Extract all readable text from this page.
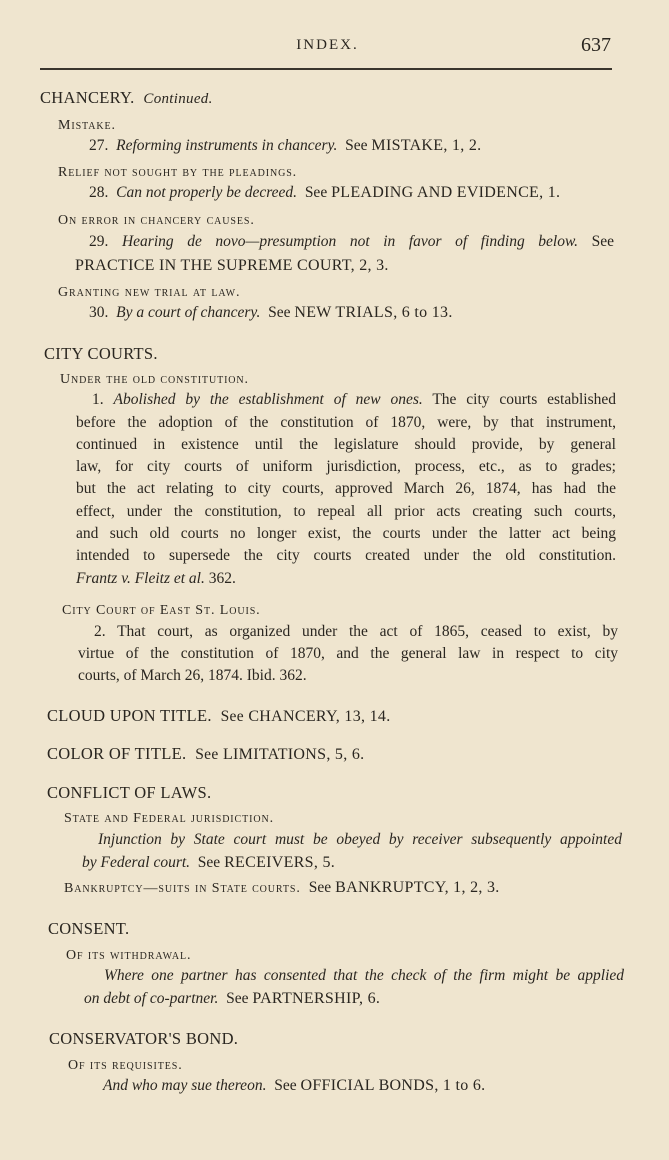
INDEX.	637
CHANCERY. Continued.
Mistake.
27. Reforming instruments in chancery. See MISTAKE, 1, 2.
Relief not sought by the pleadings.
28. Can not properly be decreed. See PLEADING AND EVIDENCE, 1.
On error in chancery causes.
29. Hearing de novo—presumption not in favor of finding below. See
PRACTICE IN THE SUPREME COURT, 2, 3.
Granting new trial at law.
30. By a court of chancery. See NEW TRIALS, 6 to 13.
CITY COURTS.
Under the old constitution.
1. Abolished by the establishment of new ones. The city courts established
before the adoption of the constitution of 1870, were, by that instrument,
continued in existence until the legislature should provide, by general
law, for city courts of uniform jurisdiction, process, etc., as to grades;
but the act relating to city courts, approved March 26, 1874, has had the
effect, under the constitution, to repeal all prior acts creating such courts,
and such old courts no longer exist, the courts under the latter act being
intended to supersede the city courts created under the old constitution.
Frantz v. Fleitz et al. 362.
City Court of East St. Louis.
2. That court, as organized under the act of 1865, ceased to exist, by
virtue of the constitution of 1870, and the general law in respect to city
courts, of March 26, 1874. Ibid. 362.
CLOUD UPON TITLE. See CHANCERY, 13, 14.
COLOR OF TITLE. See LIMITATIONS, 5, 6.
CONFLICT OF LAWS.
State and Federal jurisdiction.
Injunction by State court must be obeyed by receiver subsequently appointed
by Federal court. See RECEIVERS, 5.
Bankruptcy—suits in State courts. See BANKRUPTCY, 1, 2, 3.
CONSENT.
Of its withdrawal.
Where one partner has consented that the check of the firm might be applied
on debt of co-partner. See PARTNERSHIP, 6.
CONSERVATOR'S BOND.
Of its requisites.
And who may sue thereon. See OFFICIAL BONDS, 1 to 6.
